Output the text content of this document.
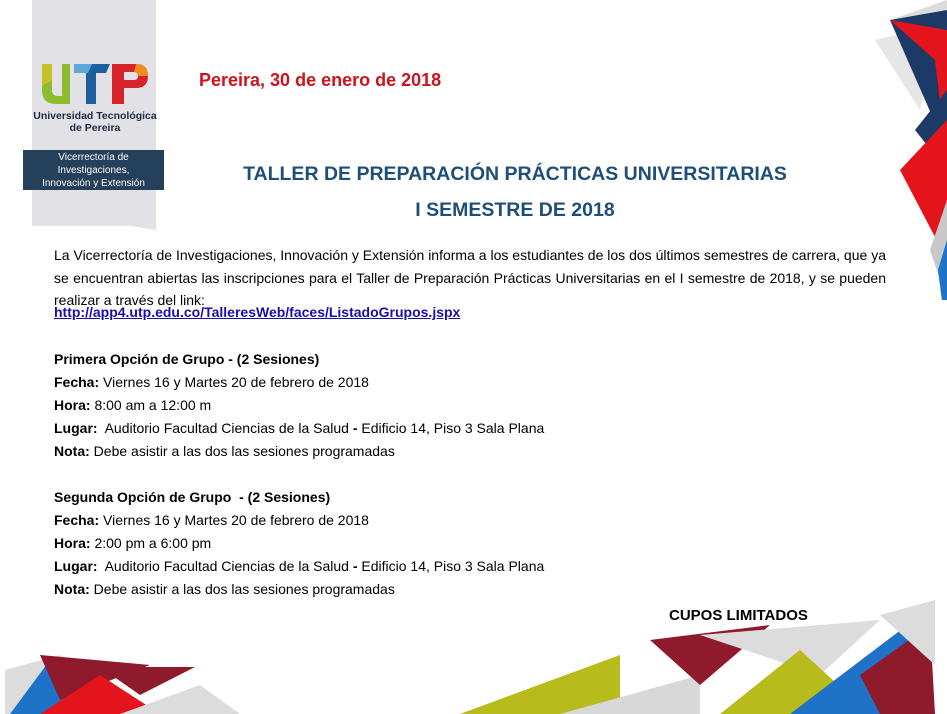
Universidad Tecnológica
de Pereira
Vicerrectoría de Investigaciones,
Innovación y Extensión
Pereira, 30 de enero de 2018
TALLER DE PREPARACIÓN PRÁCTICAS UNIVERSITARIAS
I SEMESTRE DE 2018
La Vicerrectoría de Investigaciones, Innovación y Extensión informa a los estudiantes de los dos últimos semestres de carrera, que ya se encuentran abiertas las inscripciones para el Taller de Preparación Prácticas Universitarias en el I semestre de 2018, y se pueden realizar a través del link:
http://app4.utp.edu.co/TalleresWeb/faces/ListadoGrupos.jspx
Primera Opción de Grupo - (2 Sesiones)
Fecha: Viernes 16 y Martes 20 de febrero de 2018
Hora: 8:00 am a 12:00 m
Lugar:  Auditorio Facultad Ciencias de la Salud - Edificio 14, Piso 3 Sala Plana
Nota: Debe asistir a las dos las sesiones programadas
Segunda Opción de Grupo  - (2 Sesiones)
Fecha: Viernes 16 y Martes 20 de febrero de 2018
Hora: 2:00 pm a 6:00 pm
Lugar:  Auditorio Facultad Ciencias de la Salud - Edificio 14, Piso 3 Sala Plana
Nota: Debe asistir a las dos las sesiones programadas
CUPOS LIMITADOS
